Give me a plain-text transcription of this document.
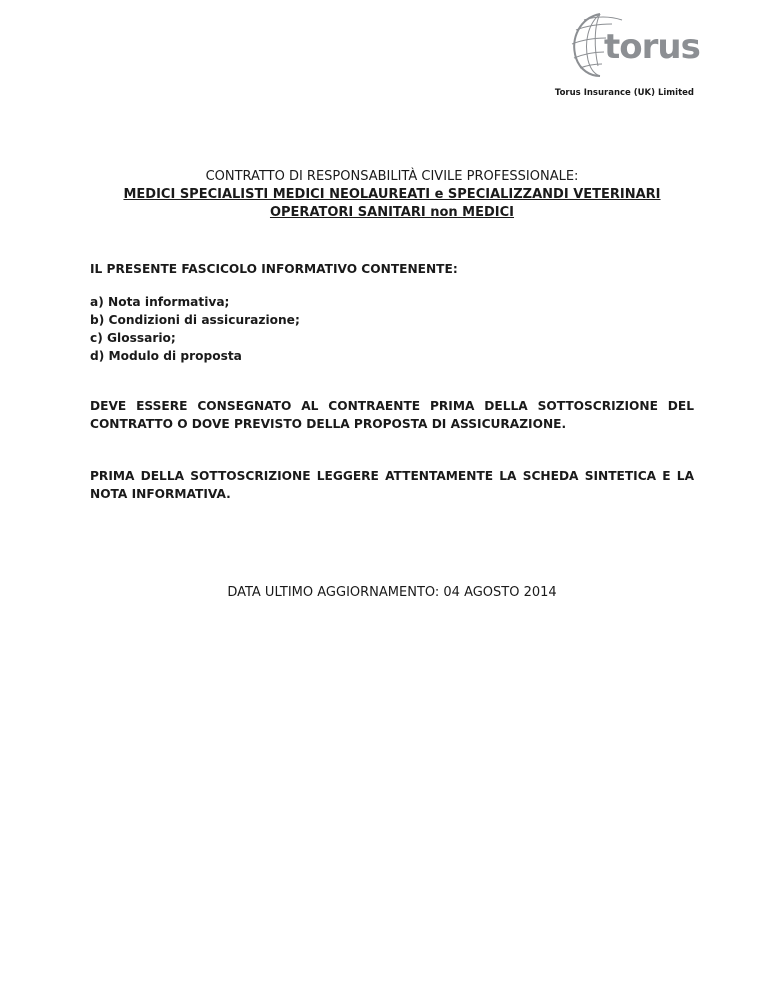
torus
Torus Insurance (UK) Limited
CONTRATTO DI RESPONSABILITÀ CIVILE PROFESSIONALE:
MEDICI SPECIALISTI MEDICI NEOLAUREATI e SPECIALIZZANDI VETERINARI
OPERATORI SANITARI non MEDICI
IL PRESENTE FASCICOLO INFORMATIVO CONTENENTE:
a) Nota informativa;
b) Condizioni di assicurazione;
c) Glossario;
d) Modulo di proposta
DEVE ESSERE CONSEGNATO AL CONTRAENTE PRIMA DELLA SOTTOSCRIZIONE DEL CONTRATTO O DOVE PREVISTO DELLA PROPOSTA DI ASSICURAZIONE.
PRIMA DELLA SOTTOSCRIZIONE LEGGERE ATTENTAMENTE LA SCHEDA SINTETICA E LA NOTA INFORMATIVA.
DATA ULTIMO AGGIORNAMENTO: 04 AGOSTO 2014
